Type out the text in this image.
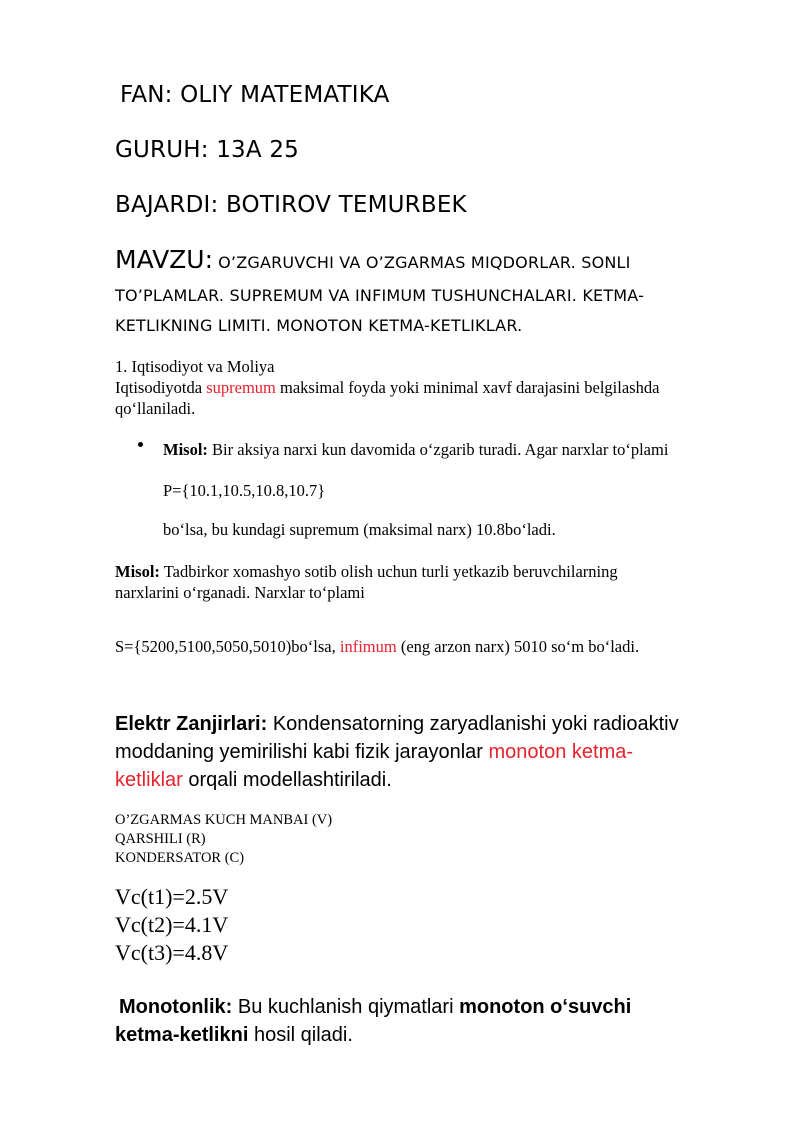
FAN: OLIY MATEMATIKA
GURUH: 13A 25
BAJARDI: BOTIROV TEMURBEK
MAVZU: O’ZGARUVCHI VA O’ZGARMAS MIQDORLAR. SONLI
TO’PLAMLAR. SUPREMUM VA INFIMUM TUSHUNCHALARI. KETMA-
KETLIKNING LIMITI. MONOTON KETMA-KETLIKLAR.
1. Iqtisodiyot va Moliya
Iqtisodiyotda supremum maksimal foyda yoki minimal xavf darajasini belgilashda
qo‘llaniladi.
Misol: Bir aksiya narxi kun davomida o‘zgarib turadi. Agar narxlar to‘plami
P={10.1,10.5,10.8,10.7}
bo‘lsa, bu kundagi supremum (maksimal narx) 10.8bo‘ladi.
Misol: Tadbirkor xomashyo sotib olish uchun turli yetkazib beruvchilarning
narxlarini o‘rganadi. Narxlar to‘plami
S={5200,5100,5050,5010)bo‘lsa, infimum (eng arzon narx) 5010 so‘m bo‘ladi.
Elektr Zanjirlari: Kondensatorning zaryadlanishi yoki radioaktiv
moddaning yemirilishi kabi fizik jarayonlar monoton ketma-
ketliklar orqali modellashtiriladi.
O’ZGARMAS KUCH MANBAI (V)
QARSHILI (R)
KONDERSATOR (C)
Vc(t1)=2.5V
Vc(t2)=4.1V
Vc(t3)=4.8V
Monotonlik: Bu kuchlanish qiymatlari monoton o‘suvchi
ketma-ketlikni hosil qiladi.
